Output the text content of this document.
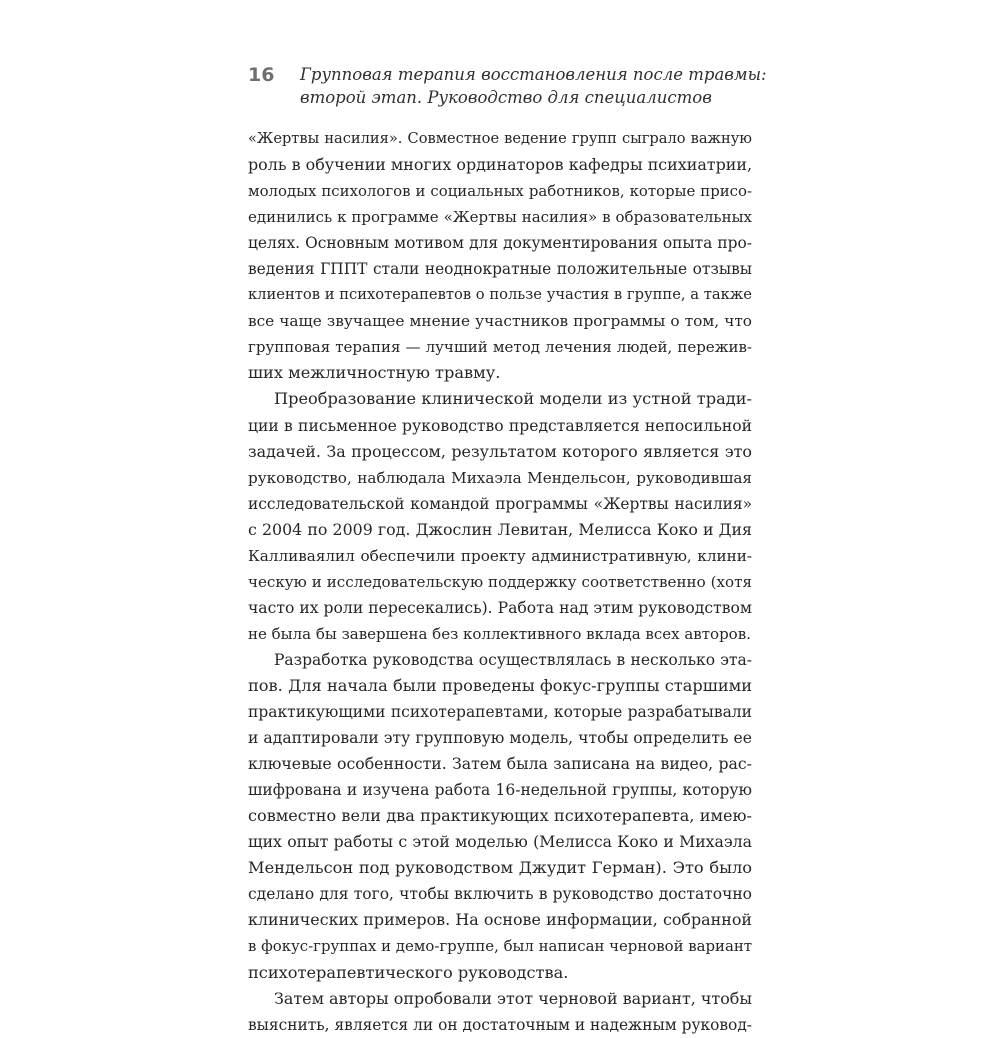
16 Групповая терапия восстановления после травмы:
второй этап. Руководство для специалистов
«Жертвы насилия». Совместное ведение групп сыграло важную
роль в обучении многих ординаторов кафедры психиатрии,
молодых психологов и социальных работников, которые присо-
единились к программе «Жертвы насилия» в образовательных
целях. Основным мотивом для документирования опыта про-
ведения ГППТ стали неоднократные положительные отзывы
клиентов и психотерапевтов о пользе участия в группе, а также
все чаще звучащее мнение участников программы о том, что
групповая терапия — лучший метод лечения людей, пережив-
ших межличностную травму.
Преобразование клинической модели из устной тради-
ции в письменное руководство представляется непосильной
задачей. За процессом, результатом которого является это
руководство, наблюдала Михаэла Мендельсон, руководившая
исследовательской командой программы «Жертвы насилия»
с 2004 по 2009 год. Джослин Левитан, Мелисса Коко и Дия
Калливаялил обеспечили проекту административную, клини-
ческую и исследовательскую поддержку соответственно (хотя
часто их роли пересекались). Работа над этим руководством
не была бы завершена без коллективного вклада всех авторов.
Разработка руководства осуществлялась в несколько эта-
пов. Для начала были проведены фокус-группы старшими
практикующими психотерапевтами, которые разрабатывали
и адаптировали эту групповую модель, чтобы определить ее
ключевые особенности. Затем была записана на видео, рас-
шифрована и изучена работа 16-недельной группы, которую
совместно вели два практикующих психотерапевта, имею-
щих опыт работы с этой моделью (Мелисса Коко и Михаэла
Мендельсон под руководством Джудит Герман). Это было
сделано для того, чтобы включить в руководство достаточно
клинических примеров. На основе информации, собранной
в фокус-группах и демо-группе, был написан черновой вариант
психотерапевтического руководства.
Затем авторы опробовали этот черновой вариант, чтобы
выяснить, является ли он достаточным и надежным руковод-
